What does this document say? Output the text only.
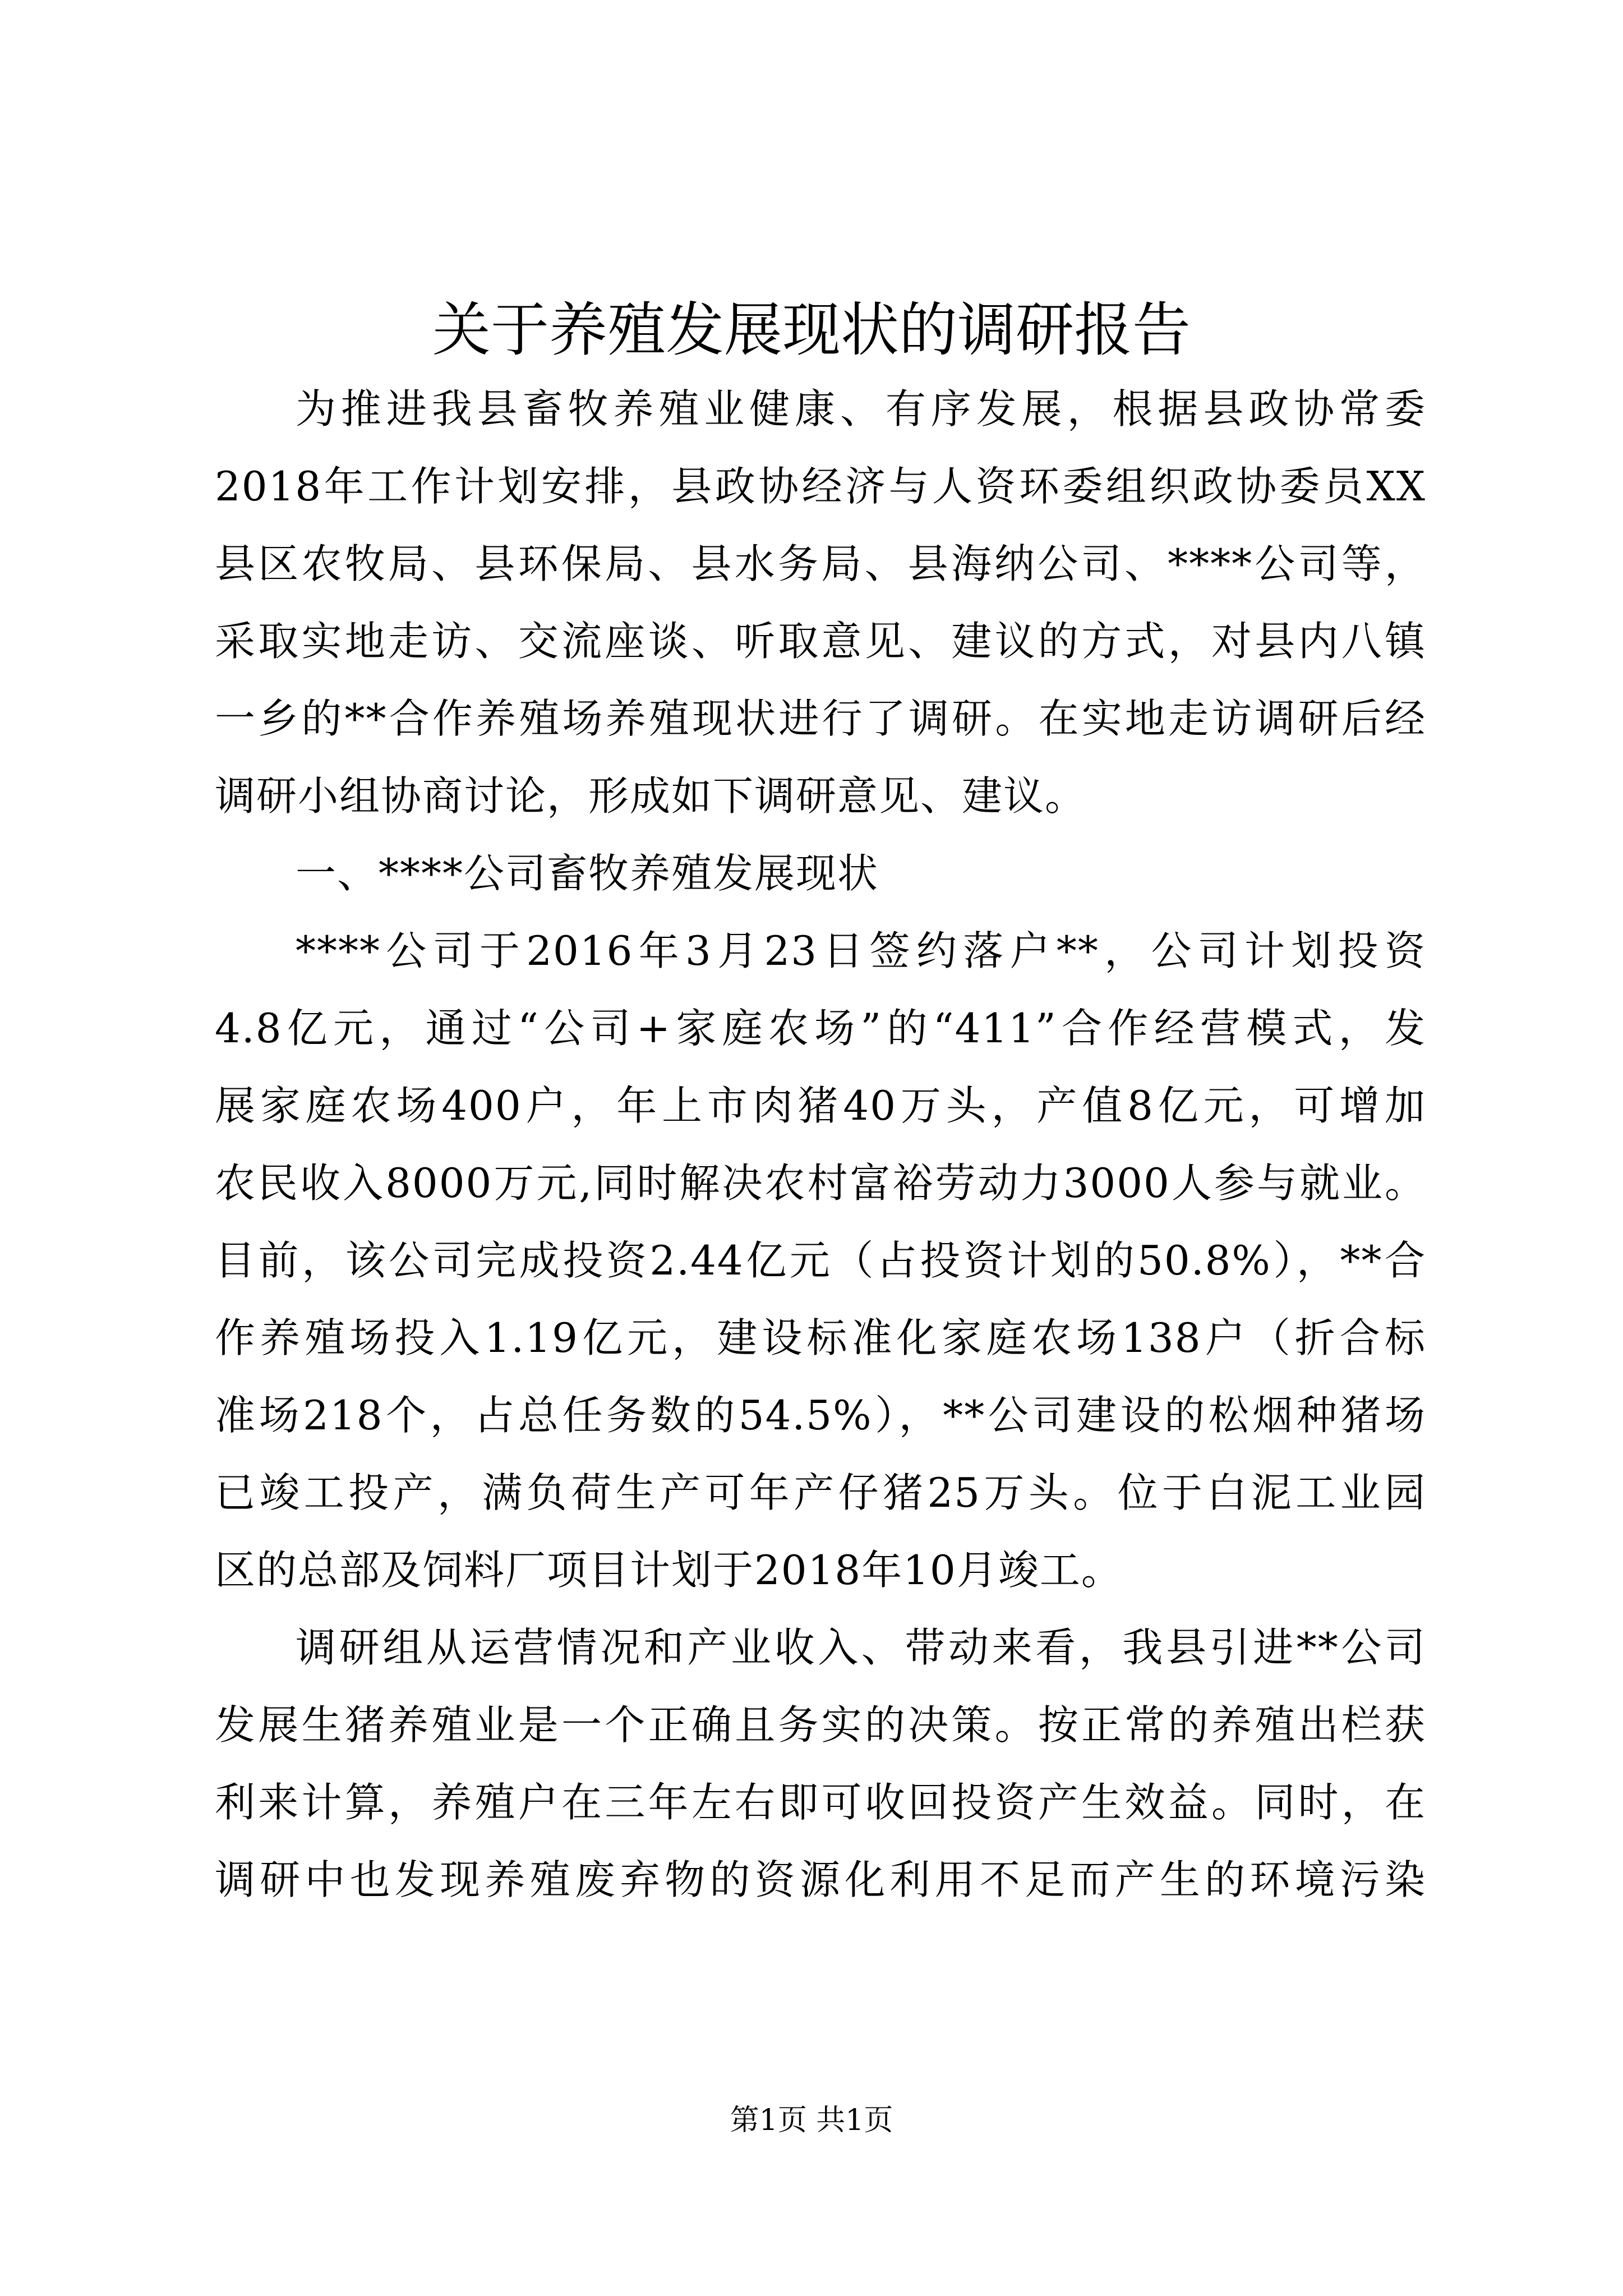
关于养殖发展现状的调研报告
为推进我县畜牧养殖业健康、有序发展，根据县政协常委
2018年工作计划安排，县政协经济与人资环委组织政协委员XX
县区农牧局、县环保局、县水务局、县海纳公司、****公司等，
采取实地走访、交流座谈、听取意见、建议的方式，对县内八镇
一乡的**合作养殖场养殖现状进行了调研。在实地走访调研后经
调研小组协商讨论，形成如下调研意见、建议。
一、****公司畜牧养殖发展现状
****公司于2016年3月23日签约落户**，公司计划投资
4.8亿元，通过“公司+家庭农场”的“411”合作经营模式，发
展家庭农场400户，年上市肉猪40万头，产值8亿元，可增加
农民收入8000万元,同时解决农村富裕劳动力3000人参与就业。
目前，该公司完成投资2.44亿元（占投资计划的50.8%），**合
作养殖场投入1.19亿元，建设标准化家庭农场138户（折合标
准场218个，占总任务数的54.5%），**公司建设的松烟种猪场
已竣工投产，满负荷生产可年产仔猪25万头。位于白泥工业园
区的总部及饲料厂项目计划于2018年10月竣工。
调研组从运营情况和产业收入、带动来看，我县引进**公司
发展生猪养殖业是一个正确且务实的决策。按正常的养殖出栏获
利来计算，养殖户在三年左右即可收回投资产生效益。同时，在
调研中也发现养殖废弃物的资源化利用不足而产生的环境污染
第1页 共1页
